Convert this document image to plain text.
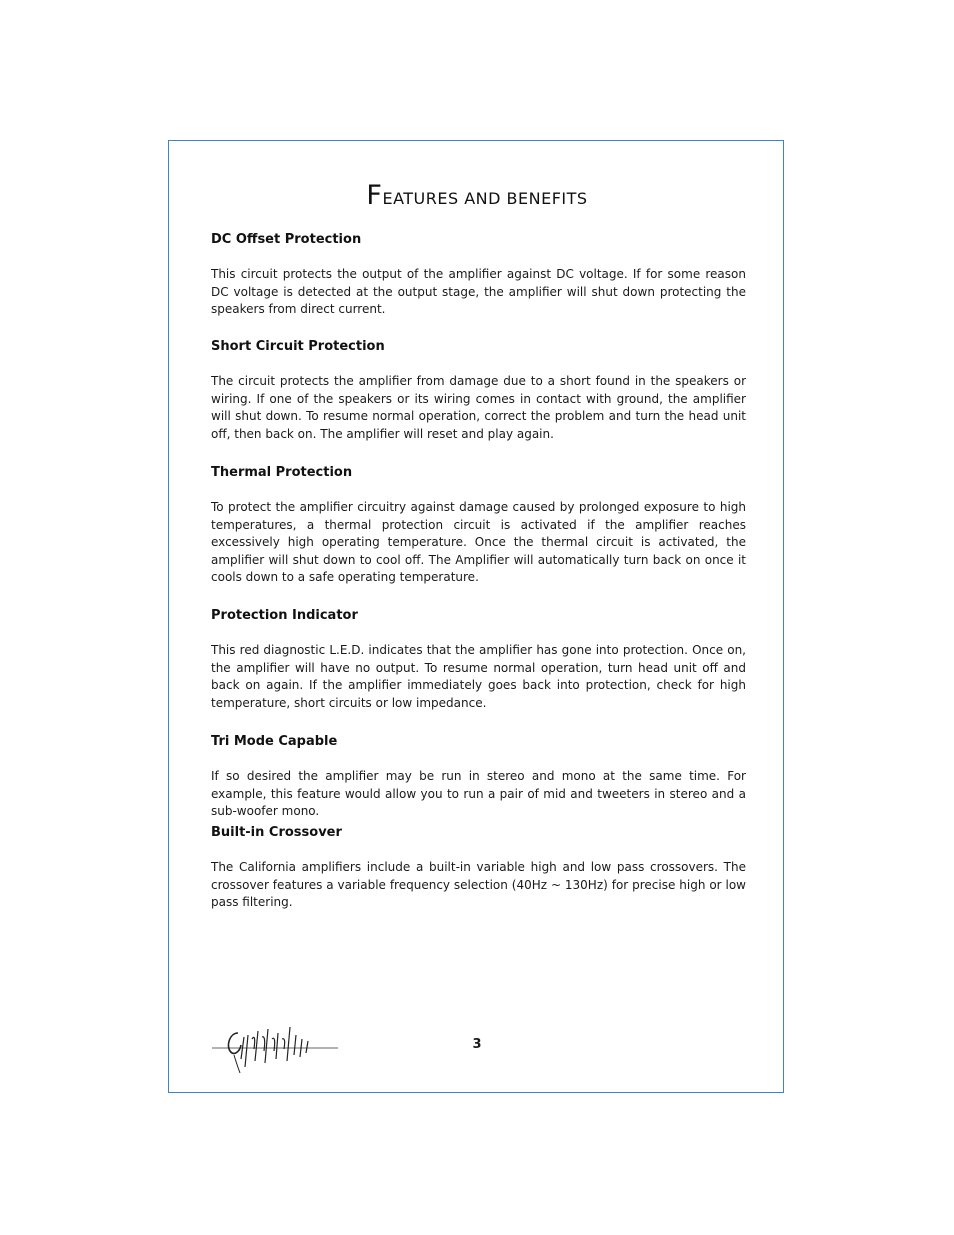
FEATURES AND BENEFITS
DC Offset Protection

This circuit protects the output of the amplifier against DC voltage. If for some reason DC voltage is detected at the output stage, the amplifier will shut down protecting the speakers from direct current.

Short Circuit Protection

The circuit protects the amplifier from damage due to a short found in the speakers or wiring. If one of the speakers or its wiring comes in contact with ground, the amplifier will shut down. To resume normal operation, correct the problem and turn the head unit off, then back on. The amplifier will reset and play again.

Thermal Protection

To protect the amplifier circuitry against damage caused by prolonged exposure to high temperatures, a thermal protection circuit is activated if the amplifier reaches excessively high operating temperature. Once the thermal circuit is activated, the amplifier will shut down to cool off. The Amplifier will automatically turn back on once it cools down to a safe operating temperature.

Protection Indicator

This red diagnostic L.E.D. indicates that the amplifier has gone into protection. Once on, the amplifier will have no output. To resume normal operation, turn head unit off and back on again. If the amplifier immediately goes back into protection, check for high temperature, short circuits or low impedance.

Tri Mode Capable

If so desired the amplifier may be run in stereo and mono at the same time. For example, this feature would allow you to run a pair of mid and tweeters in stereo and a sub-woofer mono.

Built-in Crossover

The California amplifiers include a built-in variable high and low pass crossovers. The crossover features a variable frequency selection (40Hz ~ 130Hz) for precise high or low pass filtering.

3
